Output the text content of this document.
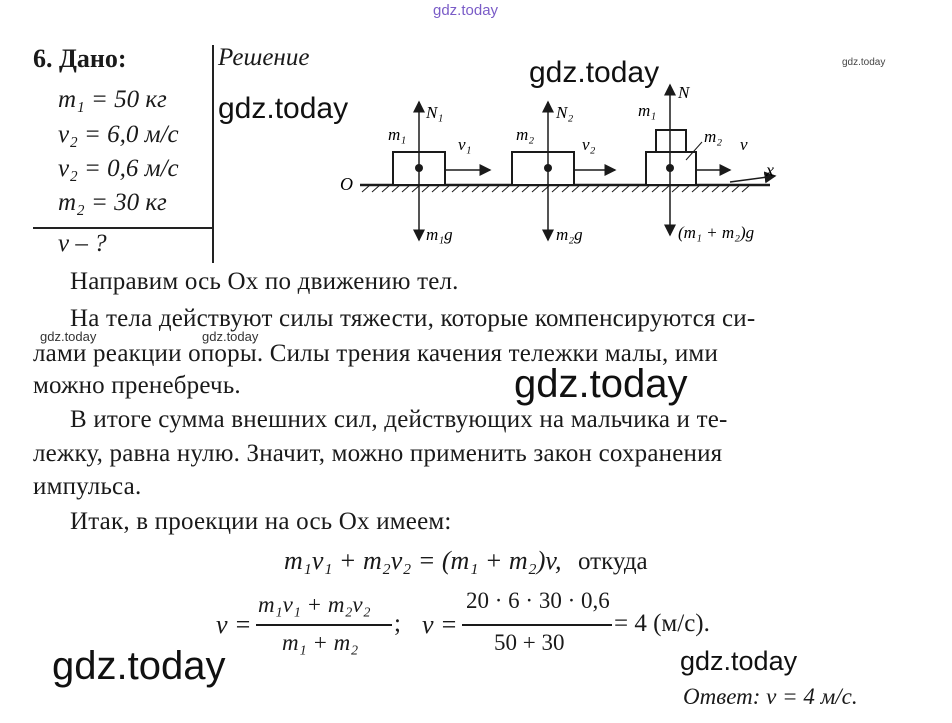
gdz.today
gdz.today
gdz.today
gdz.today
gdz.today	gdz.today
6. Дано:
m₁ = 50 кг
v₂ = 6,0 м/с
v₂ = 0,6 м/с
m₂ = 30 кг
v – ?
Решение
O
x
N₁
m₁
v₁
m₁g
N₂
m₂
v₂
m₂g
N
m₁
m₂ v
(m₁ + m₂)g
Направим ось Ox по движению тел.
На тела действуют силы тяжести, которые компенсируются си-
лами реакции опоры. Силы трения качения тележки малы, ими
можно пренебречь.	gdz.today
В итоге сумма внешних сил, действующих на мальчика и те-
лежку, равна нулю. Значит, можно применить закон сохранения
импульса.
Итак, в проекции на ось Ox имеем:
m₁v₁ + m₂v₂ = (m₁ + m₂)v, откуда
v =
m₁v₁ + m₂v₂
m₁ + m₂
; v =
20 · 6 · 30 · 0,6
50 + 30
= 4 (м/с).
gdz.today	gdz.today
Ответ: v = 4 м/с.
